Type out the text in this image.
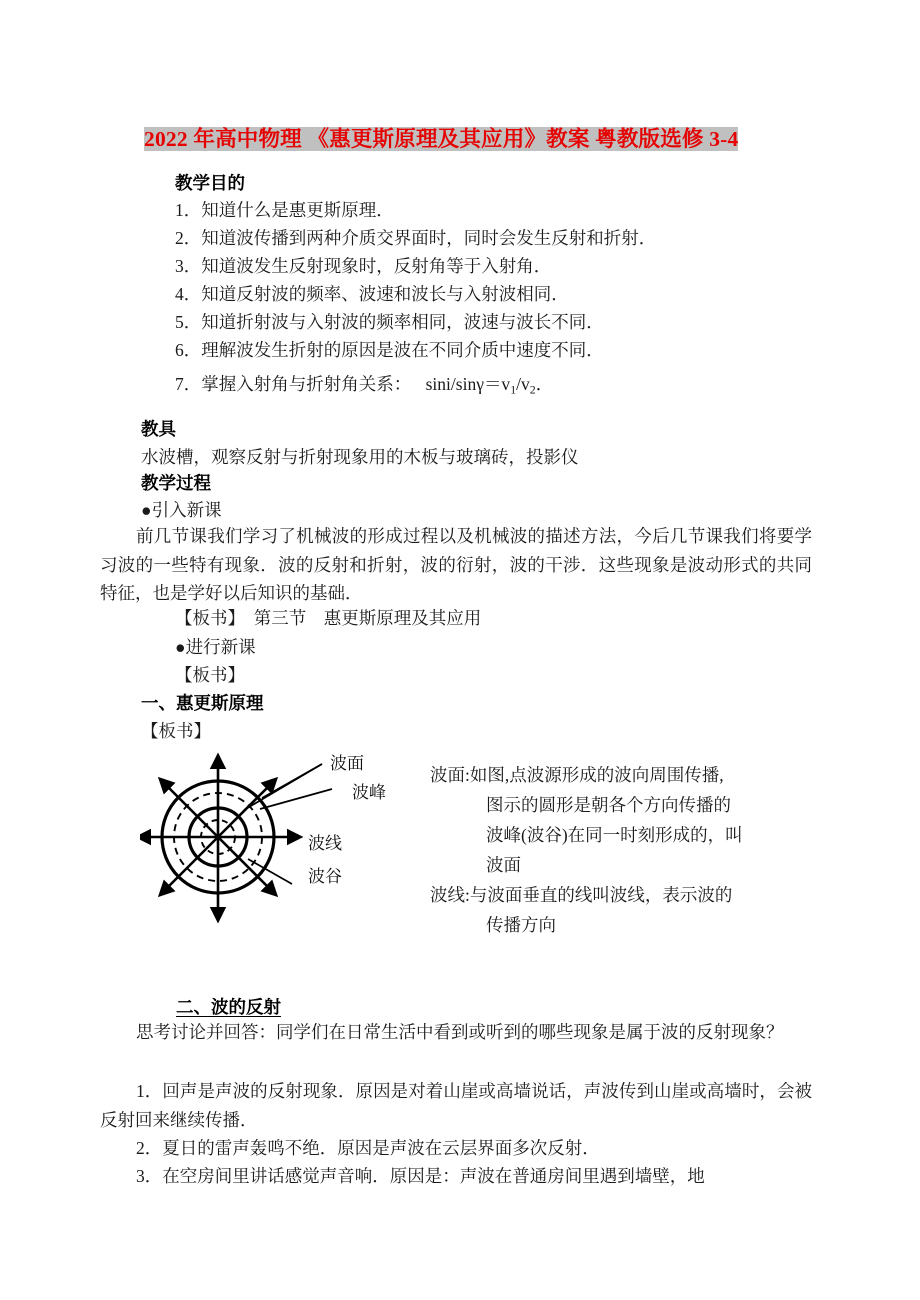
2022 年高中物理 《惠更斯原理及其应用》教案 粤教版选修 3-4
教学目的
1．知道什么是惠更斯原理．
2．知道波传播到两种介质交界面时，同时会发生反射和折射．
3．知道波发生反射现象时，反射角等于入射角．
4．知道反射波的频率、波速和波长与入射波相同．
5．知道折射波与入射波的频率相同，波速与波长不同．
6．理解波发生折射的原因是波在不同介质中速度不同．
7．掌握入射角与折射角关系： sini/$\sin\gamma=v_1/v_2$．
教具
水波槽，观察反射与折射现象用的木板与玻璃砖，投影仪
教学过程
●引入新课
前几节课我们学习了机械波的形成过程以及机械波的描述方法，今后几节课我们将要学习波的一些特有现象．波的反射和折射，波的衍射，波的干涉．这些现象是波动形式的共同特征，也是学好以后知识的基础．
【板书】　第三节　惠更斯原理及其应用
●进行新课
【板书】
一、惠更斯原理
【板书】
二、波的反射
思考讨论并回答：同学们在日常生活中看到或听到的哪些现象是属于波的反射现象？
1．回声是声波的反射现象．原因是对着山崖或高墙说话，声波传到山崖或高墙时，会被反射回来继续传播．
2．夏日的雷声轰鸣不绝．原因是声波在云层界面多次反射．
3．在空房间里讲话感觉声音响．原因是：声波在普通房间里遇到墙壁，地
波面
波峰
波线
波谷
波面: 如图,点波源形成的波向周围传播,
图示的圆形是朝各个方向传播的
波峰(波谷)在同一时刻形成的，叫
波面
波线: 与波面垂直的线叫波线，表示波的
传播方向
